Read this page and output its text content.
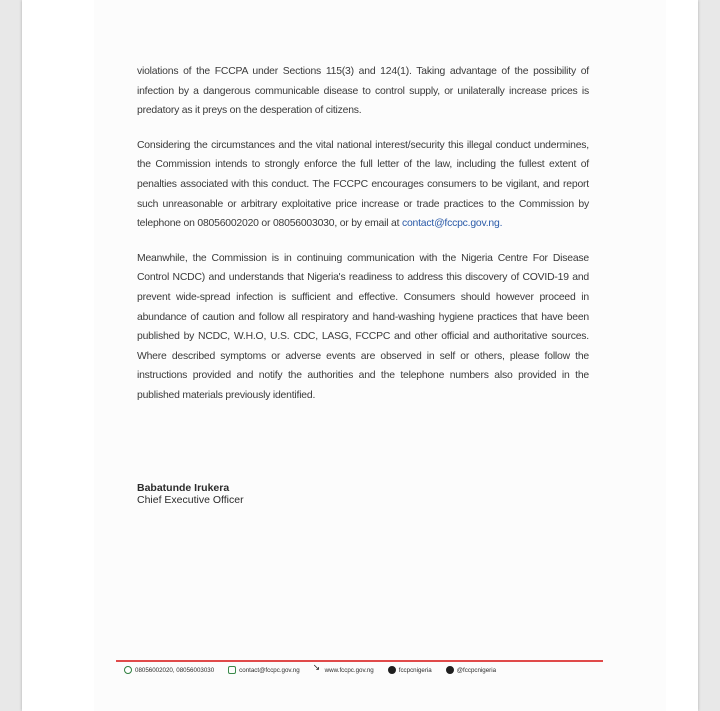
violations of the FCCPA under Sections 115(3) and 124(1). Taking advantage of the possibility of infection by a dangerous communicable disease to control supply, or unilaterally increase prices is predatory as it preys on the desperation of citizens.

Considering the circumstances and the vital national interest/security this illegal conduct undermines, the Commission intends to strongly enforce the full letter of the law, including the fullest extent of penalties associated with this conduct. The FCCPC encourages consumers to be vigilant, and report such unreasonable or arbitrary exploitative price increase or trade practices to the Commission by telephone on 08056002020 or 08056003030, or by email at contact@fccpc.gov.ng.

Meanwhile, the Commission is in continuing communication with the Nigeria Centre For Disease Control NCDC) and understands that Nigeria's readiness to address this discovery of COVID-19 and prevent wide-spread infection is sufficient and effective. Consumers should however proceed in abundance of caution and follow all respiratory and hand-washing hygiene practices that have been published by NCDC, W.H.O, U.S. CDC, LASG, FCCPC and other official and authoritative sources. Where described symptoms or adverse events are observed in self or others, please follow the instructions provided and notify the authorities and the telephone numbers also provided in the published materials previously identified.

Babatunde Irukera
Chief Executive Officer
08056002020, 08056003030	contact@fccpc.gov.ng
↘	www.fccpc.gov.ng	fccpcnigeria	@fccpcnigeria
